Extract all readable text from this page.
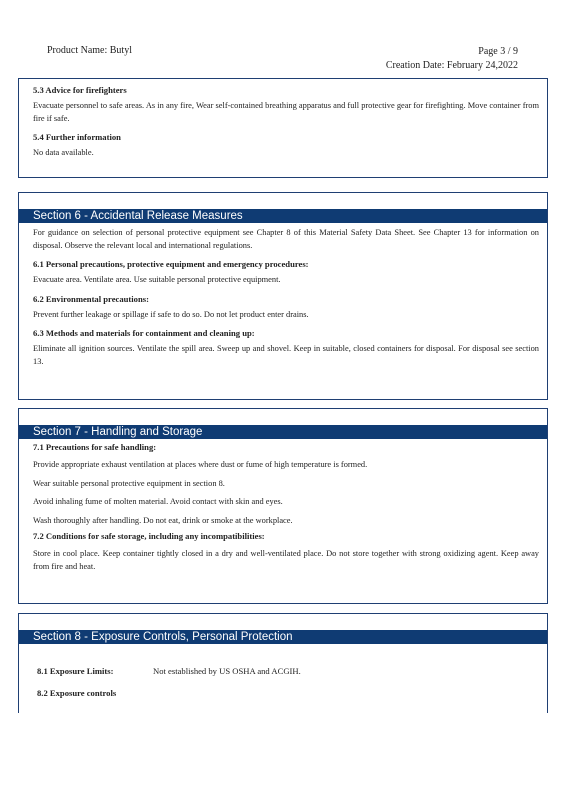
Product Name: Butyl	Page 3 / 9
Creation Date: February 24,2022
5.3 Advice for firefighters

Evacuate personnel to safe areas. As in any fire, Wear self-contained breathing apparatus and full protective gear for firefighting. Move container from fire if safe.

5.4 Further information

No data available.

Section 6 - Accidental Release Measures

For guidance on selection of personal protective equipment see Chapter 8 of this Material Safety Data Sheet. See Chapter 13 for information on disposal. Observe the relevant local and international regulations.

6.1 Personal precautions, protective equipment and emergency procedures:

Evacuate area. Ventilate area. Use suitable personal protective equipment.

6.2 Environmental precautions:

Prevent further leakage or spillage if safe to do so. Do not let product enter drains.

6.3 Methods and materials for containment and cleaning up:

Eliminate all ignition sources. Ventilate the spill area. Sweep up and shovel. Keep in suitable, closed containers for disposal. For disposal see section 13.

Section 7 - Handling and Storage
7.1 Precautions for safe handling:

Provide appropriate exhaust ventilation at places where dust or fume of high temperature is formed.

Wear suitable personal protective equipment in section 8.

Avoid inhaling fume of molten material. Avoid contact with skin and eyes.

Wash thoroughly after handling. Do not eat, drink or smoke at the workplace.

7.2 Conditions for safe storage, including any incompatibilities:

Store in cool place. Keep container tightly closed in a dry and well-ventilated place. Do not store together with strong oxidizing agent. Keep away from fire and heat.

Section 8 - Exposure Controls, Personal Protection
8.1 Exposure Limits:	Not established by US OSHA and ACGIH.
8.2 Exposure controls
